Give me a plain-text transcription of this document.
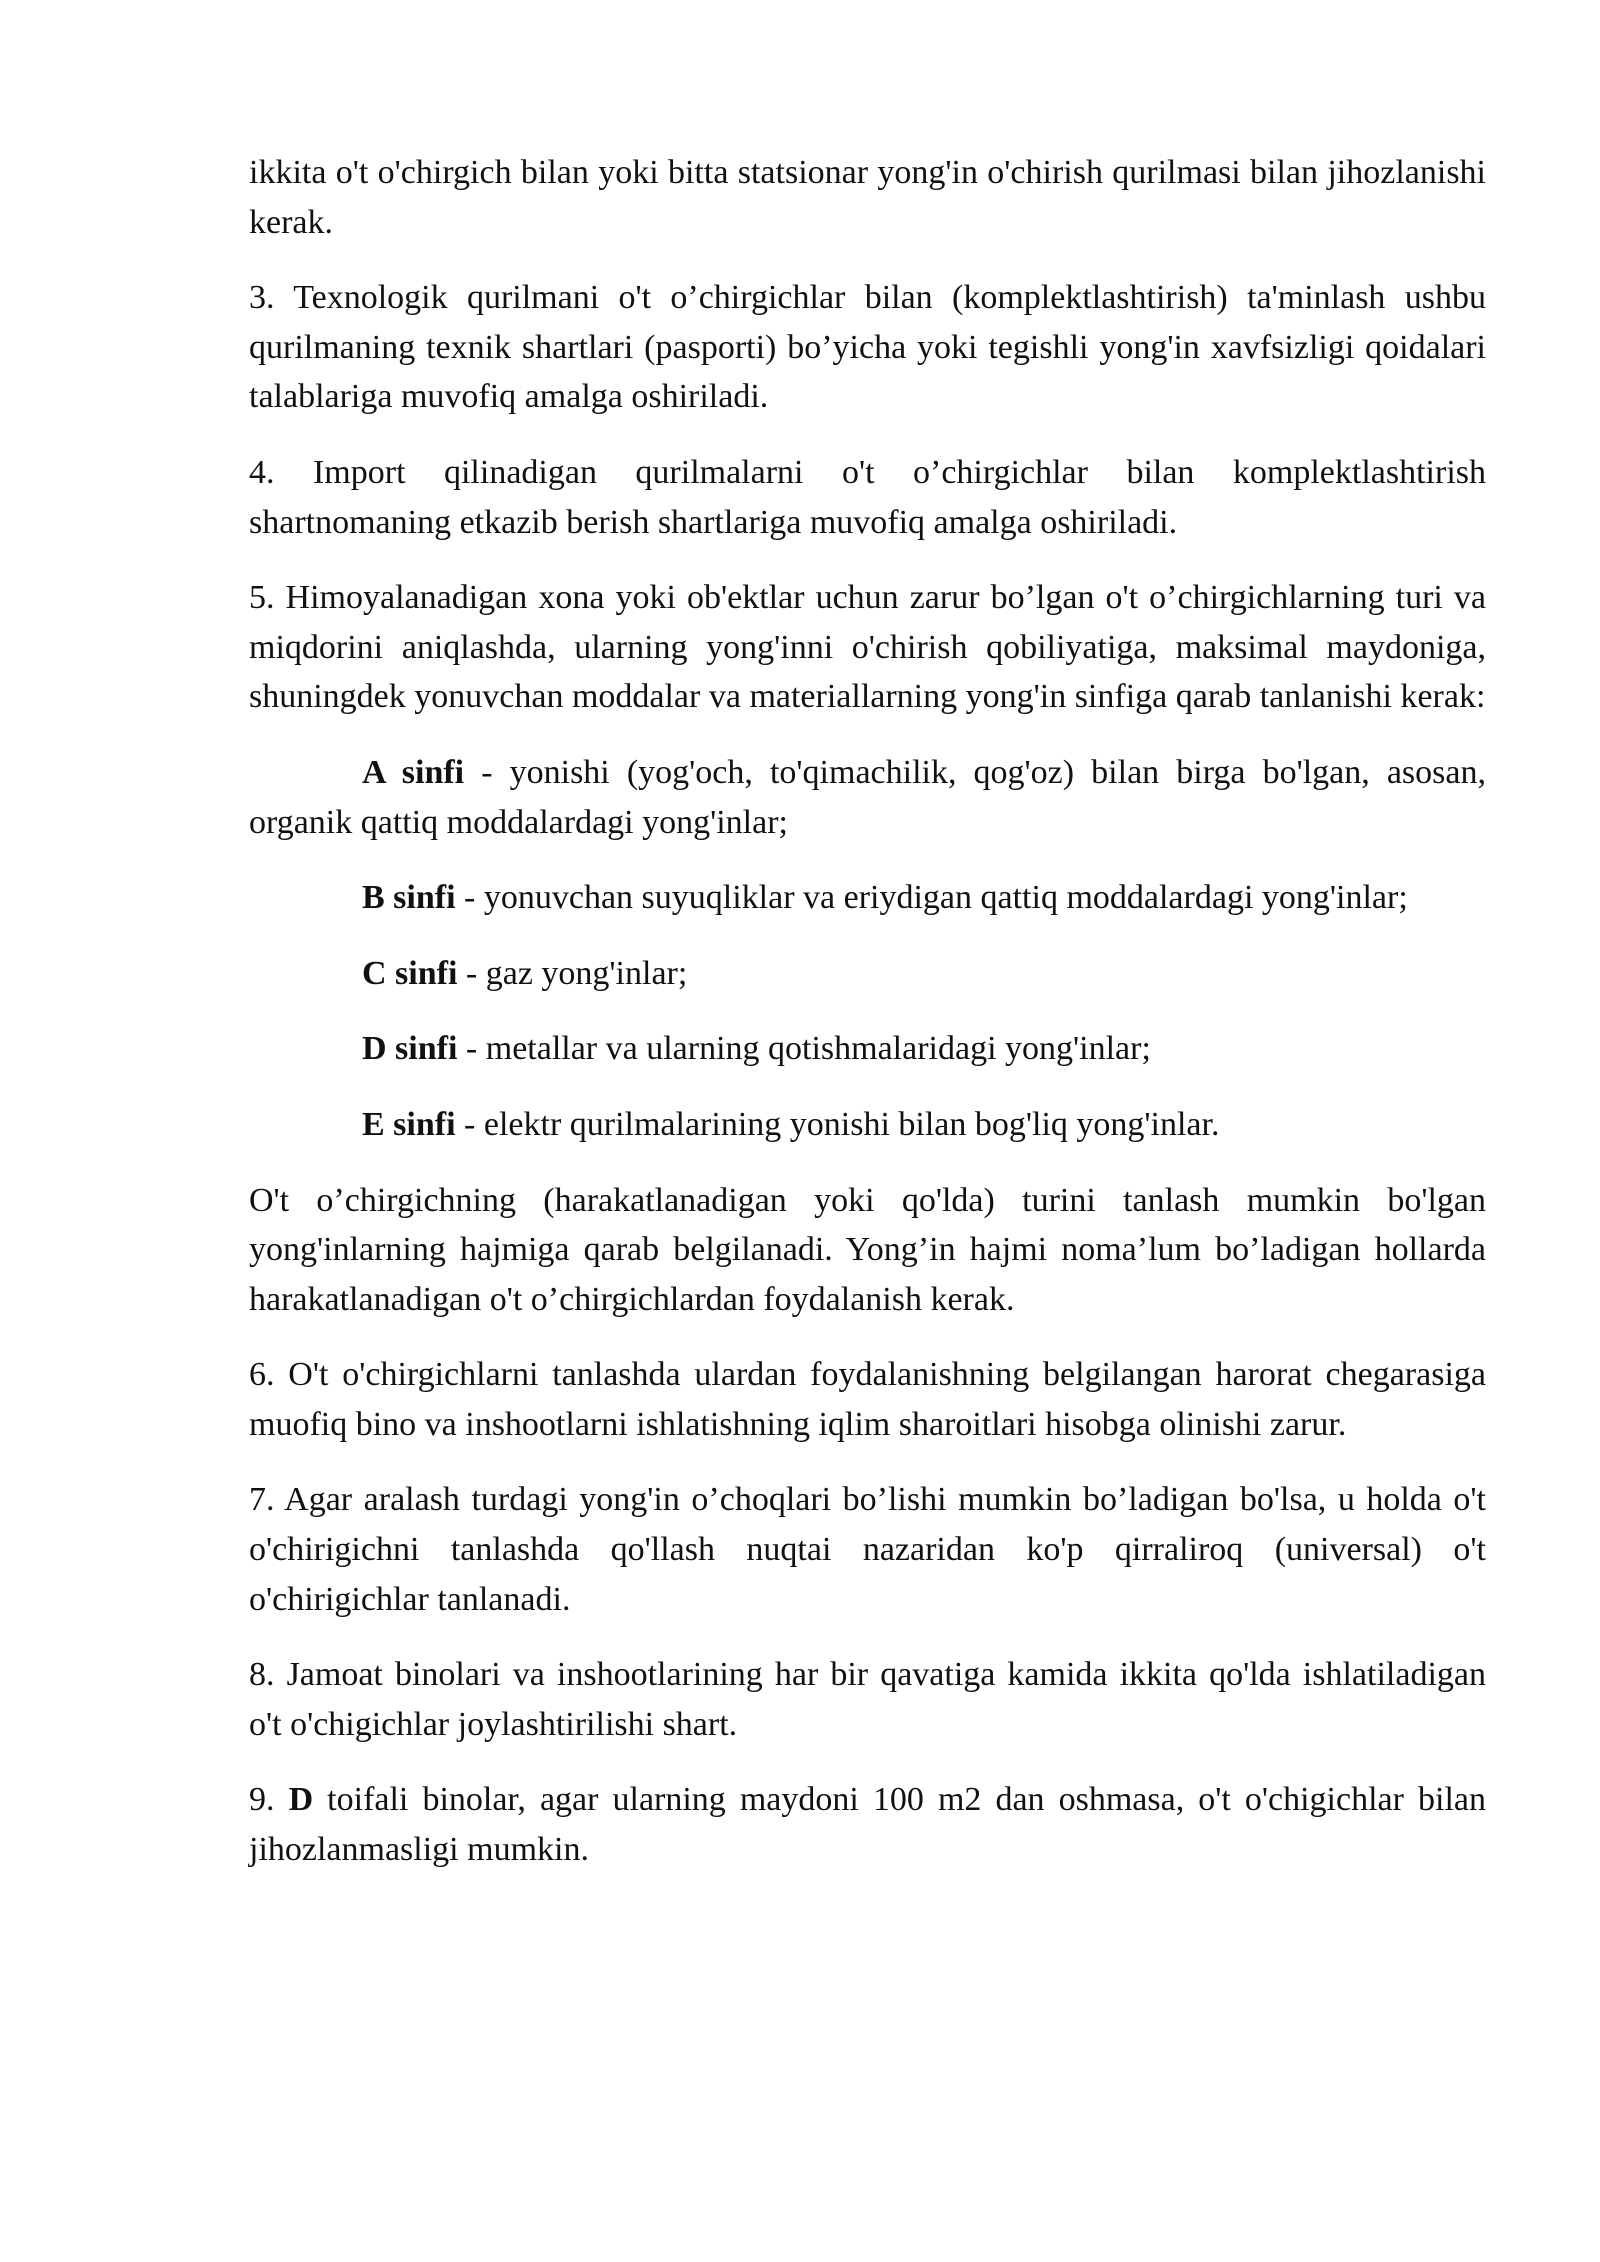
ikkita o't o'chirgich bilan yoki bitta statsionar yong'in o'chirish qurilmasi bilan jihozlanishi kerak.

3. Texnologik qurilmani o't o’chirgichlar bilan (komplektlashtirish) ta'minlash ushbu qurilmaning texnik shartlari (pasporti) bo’yicha yoki tegishli yong'in xavfsizligi qoidalari talablariga muvofiq amalga oshiriladi.

4. Import qilinadigan qurilmalarni o't o’chirgichlar bilan komplektlashtirish shartnomaning etkazib berish shartlariga muvofiq amalga oshiriladi.

5. Himoyalanadigan xona yoki ob'ektlar uchun zarur bo’lgan o't o’chirgichlarning turi va miqdorini aniqlashda, ularning yong'inni o'chirish qobiliyatiga, maksimal maydoniga, shuningdek yonuvchan moddalar va materiallarning yong'in sinfiga qarab tanlanishi kerak:

A sinfi - yonishi (yog'och, to'qimachilik, qog'oz) bilan birga bo'lgan, asosan, organik qattiq moddalardagi yong'inlar;

B sinfi - yonuvchan suyuqliklar va eriydigan qattiq moddalardagi yong'inlar;

C sinfi - gaz yong'inlar;

D sinfi - metallar va ularning qotishmalaridagi yong'inlar;

E sinfi - elektr qurilmalarining yonishi bilan bog'liq yong'inlar.

O't o’chirgichning (harakatlanadigan yoki qo'lda) turini tanlash mumkin bo'lgan yong'inlarning hajmiga qarab belgilanadi. Yong’in hajmi noma’lum bo’ladigan hollarda harakatlanadigan o't o’chirgichlardan foydalanish kerak.

6. O't o'chirgichlarni tanlashda ulardan foydalanishning belgilangan harorat chegarasiga muofiq bino va inshootlarni ishlatishning iqlim sharoitlari hisobga olinishi zarur.

7. Agar aralash turdagi yong'in o’choqlari bo’lishi mumkin bo’ladigan bo'lsa, u holda o't o'chirigichni tanlashda qo'llash nuqtai nazaridan ko'p qirraliroq (universal) o't o'chirigichlar tanlanadi.

8. Jamoat binolari va inshootlarining har bir qavatiga kamida ikkita qo'lda ishlatiladigan o't o'chigichlar joylashtirilishi shart.

9. D toifali binolar, agar ularning maydoni 100 m2 dan oshmasa, o't o'chigichlar bilan jihozlanmasligi mumkin.
